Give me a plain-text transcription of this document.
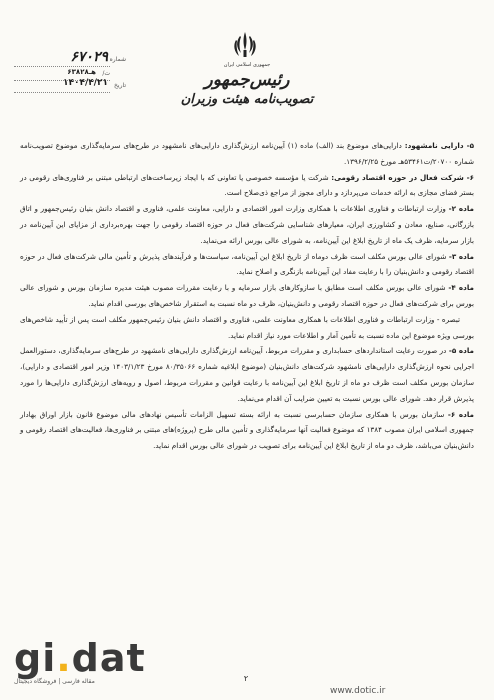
جمهوری اسلامی ایران
رئیس‌جمهور
تصویب‌نامه هیئت وزیران
۶۷۰۲۹ شماره
۶۳۸۲۸هـ /ت
۱۴۰۴/۴/۲۱ تاریخ

۵- دارایی نامشهود: دارایی‌های موضوع بند (الف) ماده (۱) آیین‌نامه ارزش‌گذاری دارایی‌های نامشهود در طرح‌های سرمایه‌گذاری موضوع تصویب‌نامه شماره ۲۰۷۰۰/ت۵۳۴۶۱هـ مورخ ۱۳۹۶/۲/۲۵.

۶- شرکت فعال در حوزه اقتصاد رقومی: شرکت یا مؤسسه خصوصی یا تعاونی که با ایجاد زیرساخت‌های ارتباطی مبتنی بر فناوری‌های رقومی در بستر فضای مجازی به ارائه خدمات می‌پردازد و دارای مجوز از مراجع ذی‌صلاح است.

ماده ۲- وزارت ارتباطات و فناوری اطلاعات با همکاری وزارت امور اقتصادی و دارایی، معاونت علمی، فناوری و اقتصاد دانش بنیان رئیس‌جمهور و اتاق بازرگانی، صنایع، معادن و کشاورزی ایران، معیارهای شناسایی شرکت‌های فعال در حوزه اقتصاد رقومی را جهت بهره‌برداری از مزایای این آیین‌نامه در بازار سرمایه، ظرف یک ماه از تاریخ ابلاغ این آیین‌نامه، به شورای عالی بورس ارائه می‌نماید.

ماده ۳- شورای عالی بورس مکلف است ظرف دوماه از تاریخ ابلاغ این آیین‌نامه، سیاست‌ها و فرآیندهای پذیرش و تأمین مالی شرکت‌های فعال در حوزه اقتصاد رقومی و دانش‌بنیان را با رعایت مفاد این آیین‌نامه بازنگری و اصلاح نماید.

ماده ۴- شورای عالی بورس مکلف است مطابق با سازوکارهای بازار سرمایه و با رعایت مقررات مصوب هیئت مدیره سازمان بورس و شورای عالی بورس برای شرکت‌های فعال در حوزه اقتصاد رقومی و دانش‌بنیان، ظرف دو ماه نسبت به استقرار شاخص‌های بورسی اقدام نماید.

تبصره - وزارت ارتباطات و فناوری اطلاعات با همکاری معاونت علمی، فناوری و اقتصاد دانش بنیان رئیس‌جمهور مکلف است پس از تأیید شاخص‌های بورسی ویژه موضوع این ماده نسبت به تأمین آمار و اطلاعات مورد نیاز اقدام نماید.

ماده ۵- در صورت رعایت استانداردهای حسابداری و مقررات مربوط، آیین‌نامه ارزش‌گذاری دارایی‌های نامشهود در طرح‌های سرمایه‌گذاری، دستورالعمل اجرایی نحوه ارزش‌گذاری دارایی‌های نامشهود شرکت‌های دانش‌بنیان (موضوع ابلاغیه شماره ۸۰/۳۵۰۶۶ مورخ ۱۴۰۳/۱/۲۳ وزیر امور اقتصادی و دارایی)، سازمان بورس مکلف است ظرف دو ماه از تاریخ ابلاغ این آیین‌نامه با رعایت قوانین و مقررات مربوط، اصول و رویه‌های ارزش‌گذاری دارایی‌ها را مورد پذیرش قرار دهد. شورای عالی بورس نسبت به تعیین ضرایب آن اقدام می‌نماید.

ماده ۶- سازمان بورس با همکاری سازمان حسابرسی نسبت به ارائه بسته تسهیل الزامات تأسیس نهادهای مالی موضوع قانون بازار اوراق بهادار جمهوری اسلامی ایران مصوب ۱۳۸۴ که موضوع فعالیت آنها سرمایه‌گذاری و تأمین مالی طرح (پروژه)های مبتنی بر فناوری‌ها، فعالیت‌های اقتصاد رقومی و دانش‌بنیان می‌باشد، ظرف دو ماه از تاریخ ابلاغ این آیین‌نامه برای تصویب در شورای عالی بورس اقدام نماید.

۲
gi.dat
مقاله فارسی | فروشگاه دیجیتال
www.dotic.ir
